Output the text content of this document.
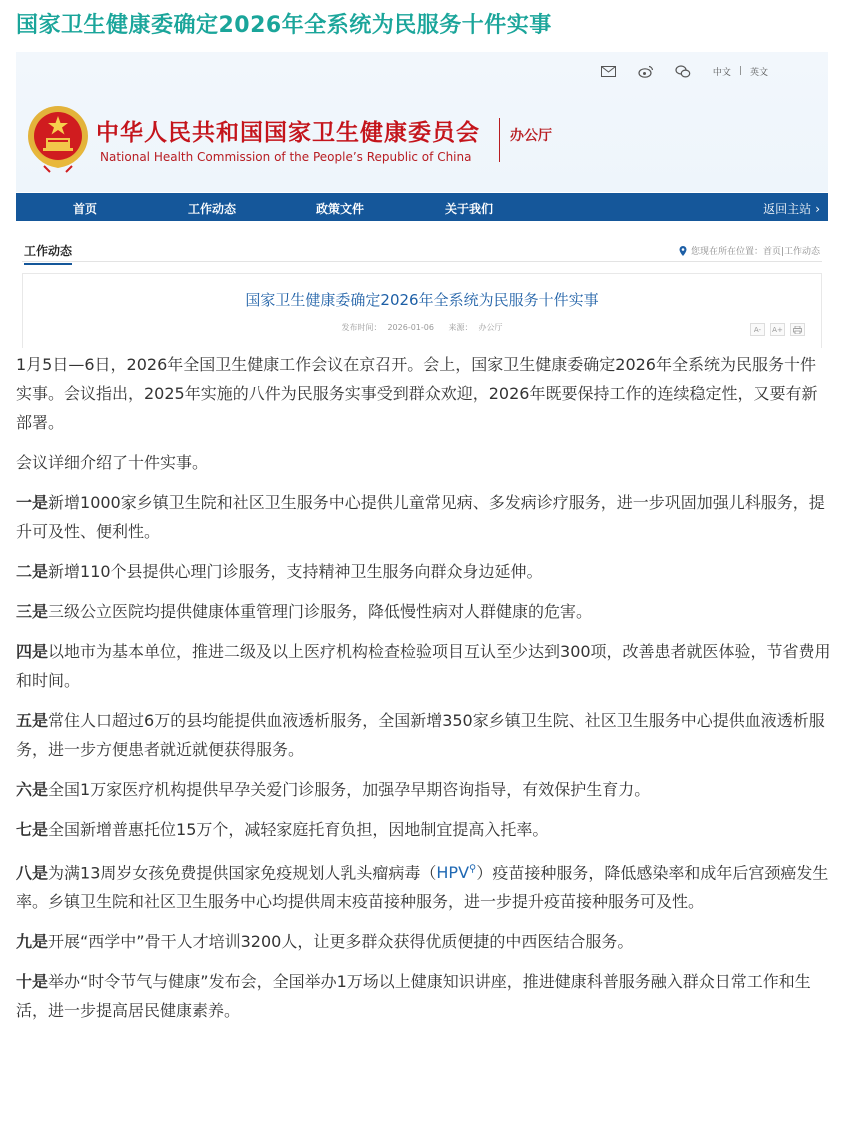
国家卫生健康委确定2026年全系统为民服务十件实事
中文 | 英文
中华人民共和国国家卫生健康委员会
National Health Commission of the People’s Republic of China
办公厅
首页	工作动态	政策文件	关于我们	返回主站 ›
工作动态	您现在所在位置： 首页|工作动态
国家卫生健康委确定2026年全系统为民服务十件实事
发布时间： 2026-01-06 来源： 办公厅	A-	A+

1月5日—6日，2026年全国卫生健康工作会议在京召开。会上，国家卫生健康委确定2026年全系统为民服务十件实事。会议指出，2025年实施的八件为民服务实事受到群众欢迎，2026年既要保持工作的连续稳定性，又要有新部署。

会议详细介绍了十件实事。

一是新增1000家乡镇卫生院和社区卫生服务中心提供儿童常见病、多发病诊疗服务，进一步巩固加强儿科服务，提升可及性、便利性。

二是新增110个县提供心理门诊服务，支持精神卫生服务向群众身边延伸。

三是三级公立医院均提供健康体重管理门诊服务，降低慢性病对人群健康的危害。

四是以地市为基本单位，推进二级及以上医疗机构检查检验项目互认至少达到300项，改善患者就医体验，节省费用和时间。

五是常住人口超过6万的县均能提供血液透析服务，全国新增350家乡镇卫生院、社区卫生服务中心提供血液透析服务，进一步方便患者就近就便获得服务。

六是全国1万家医疗机构提供早孕关爱门诊服务，加强孕早期咨询指导，有效保护生育力。

七是全国新增普惠托位15万个，减轻家庭托育负担，因地制宜提高入托率。

八是为满13周岁女孩免费提供国家免疫规划人乳头瘤病毒（HPV⚲）疫苗接种服务，降低感染率和成年后宫颈癌发生率。乡镇卫生院和社区卫生服务中心均提供周末疫苗接种服务，进一步提升疫苗接种服务可及性。

九是开展“西学中”骨干人才培训3200人，让更多群众获得优质便捷的中西医结合服务。

十是举办“时令节气与健康”发布会，全国举办1万场以上健康知识讲座，推进健康科普服务融入群众日常工作和生活，进一步提高居民健康素养。
